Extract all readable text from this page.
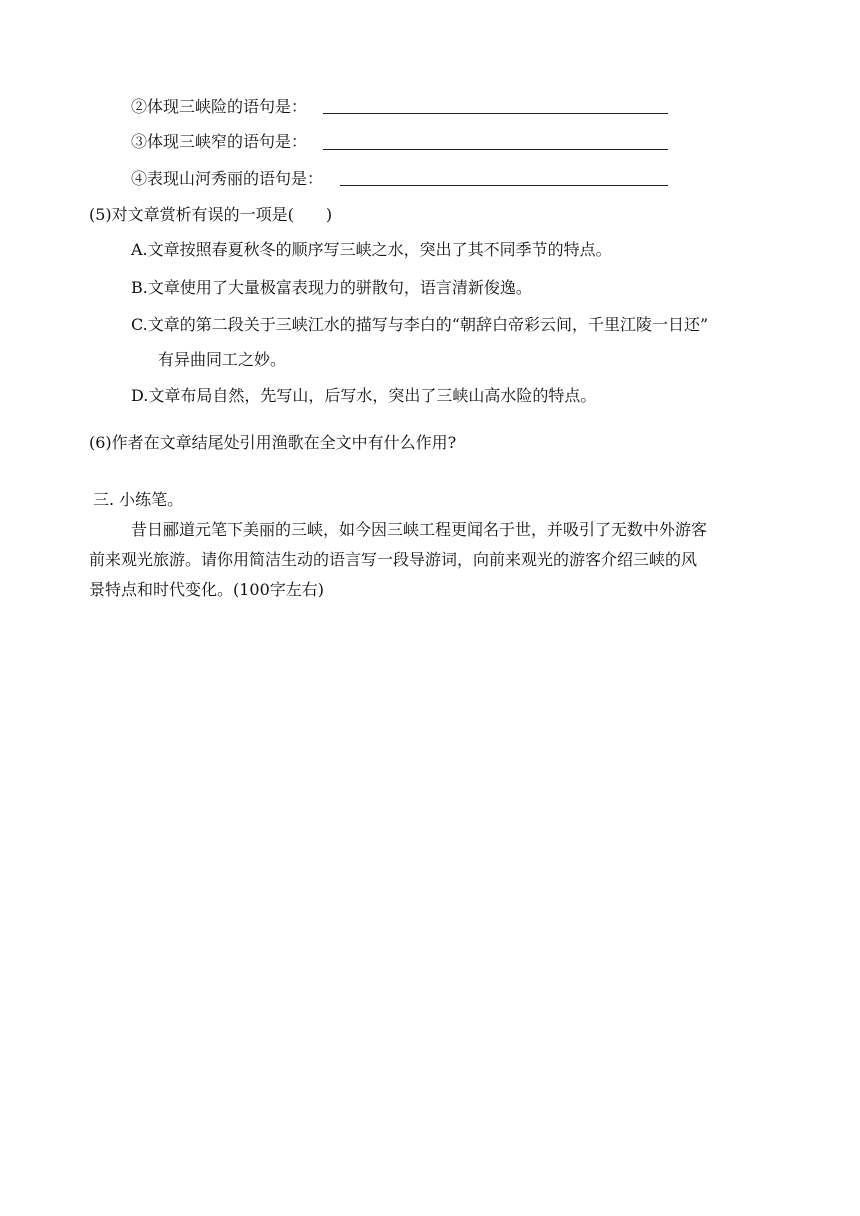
②体现三峡险的语句是：
③体现三峡窄的语句是：
④表现山河秀丽的语句是：
(5)对文章赏析有误的一项是(　　)
A.文章按照春夏秋冬的顺序写三峡之水，突出了其不同季节的特点。
B.文章使用了大量极富表现力的骈散句，语言清新俊逸。
C.文章的第二段关于三峡江水的描写与李白的“朝辞白帝彩云间，千里江陵一日还”
有异曲同工之妙。
D.文章布局自然，先写山，后写水，突出了三峡山高水险的特点。
(6)作者在文章结尾处引用渔歌在全文中有什么作用?
三. 小练笔。
昔日郦道元笔下美丽的三峡，如今因三峡工程更闻名于世，并吸引了无数中外游客
前来观光旅游。请你用简洁生动的语言写一段导游词，向前来观光的游客介绍三峡的风
景特点和时代变化。(100字左右)
